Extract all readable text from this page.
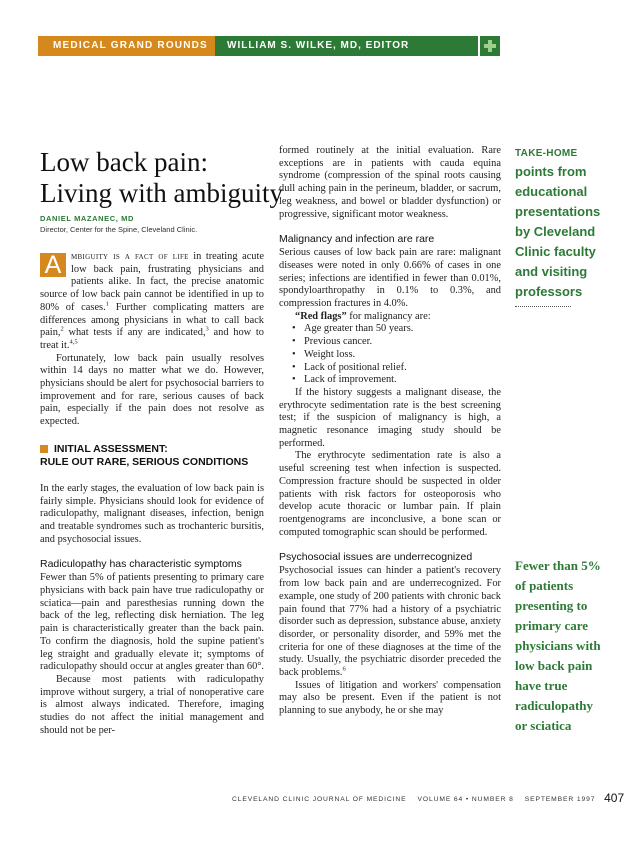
MEDICAL GRAND ROUNDS	WILLIAM S. WILKE, MD, EDITOR
Low back pain:
Living with ambiguity
DANIEL MAZANEC, MD
Director, Center for the Spine, Cleveland Clinic.

A mbiguity is a fact of life in treating acute low back pain, frustrating physicians and patients alike. In fact, the precise anatomic source of low back pain cannot be identified in up to 80% of cases.$^1$ Further complicating matters are differences among physicians in what to call back pain,$^2$ what tests if any are indicated,$^3$ and how to treat it.$^{4,5}$

Fortunately, low back pain usually resolves within 14 days no matter what we do. However, physicians should be alert for psychosocial barriers to improvement and for rare, serious causes of back pain, especially if the pain does not resolve as expected.

INITIAL ASSESSMENT:
RULE OUT RARE, SERIOUS CONDITIONS

In the early stages, the evaluation of low back pain is fairly simple. Physicians should look for evidence of radiculopathy, malignant diseases, infection, benign and treatable syndromes such as trochanteric bursitis, and psychosocial issues.

Radiculopathy has characteristic symptoms

Fewer than 5% of patients presenting to primary care physicians with back pain have true radiculopathy or sciatica—pain and paresthesias running down the back of the leg, reflecting disk herniation. The leg pain is characteristically greater than the back pain. To confirm the diagnosis, hold the supine patient's leg straight and gradually elevate it; symptoms of radiculopathy should occur at angles greater than 60°.

Because most patients with radiculopathy improve without surgery, a trial of nonoperative care is almost always indicated. Therefore, imaging studies do not affect the initial management and should not be per-

formed routinely at the initial evaluation. Rare exceptions are in patients with cauda equina syndrome (compression of the spinal roots causing dull aching pain in the perineum, bladder, or sacrum, leg weakness, and bowel or bladder dysfunction) or progressive, significant motor weakness.

Malignancy and infection are rare

Serious causes of low back pain are rare: malignant diseases were noted in only 0.66% of cases in one series; infections are identified in fewer than 0.01%, spondyloarthropathy in 0.1% to 0.3%, and compression fractures in 4.0%.

“Red flags” for malignancy are:

• Age greater than 50 years.
• Previous cancer.
• Weight loss.
• Lack of positional relief.
• Lack of improvement.

If the history suggests a malignant disease, the erythrocyte sedimentation rate is the best screening test; if the suspicion of malignancy is high, a magnetic resonance imaging study should be performed.

The erythrocyte sedimentation rate is also a useful screening test when infection is suspected. Compression fracture should be suspected in older patients with risk factors for osteoporosis who develop acute thoracic or lumbar pain. If plain roentgenograms are inconclusive, a bone scan or computed tomographic scan should be performed.

Psychosocial issues are underrecognized

Psychosocial issues can hinder a patient's recovery from low back pain and are underrecognized. For example, one study of 200 patients with chronic back pain found that 77% had a history of a psychiatric disorder such as depression, substance abuse, anxiety disorder, or personality disorder, and 59% met the criteria for one of these diagnoses at the time of the study. Usually, the psychiatric disorder preceded the back problems.$^6$

Issues of litigation and workers' compensation may also be present. Even if the patient is not planning to sue anybody, he or she may

TAKE-HOME
points from educational presentations by Cleveland Clinic faculty and visiting professors
Fewer than 5% of patients presenting to primary care physicians with low back pain have true radiculopathy or sciatica
CLEVELAND CLINIC JOURNAL OF MEDICINE VOLUME 64 • NUMBER 8 SEPTEMBER 1997 407
